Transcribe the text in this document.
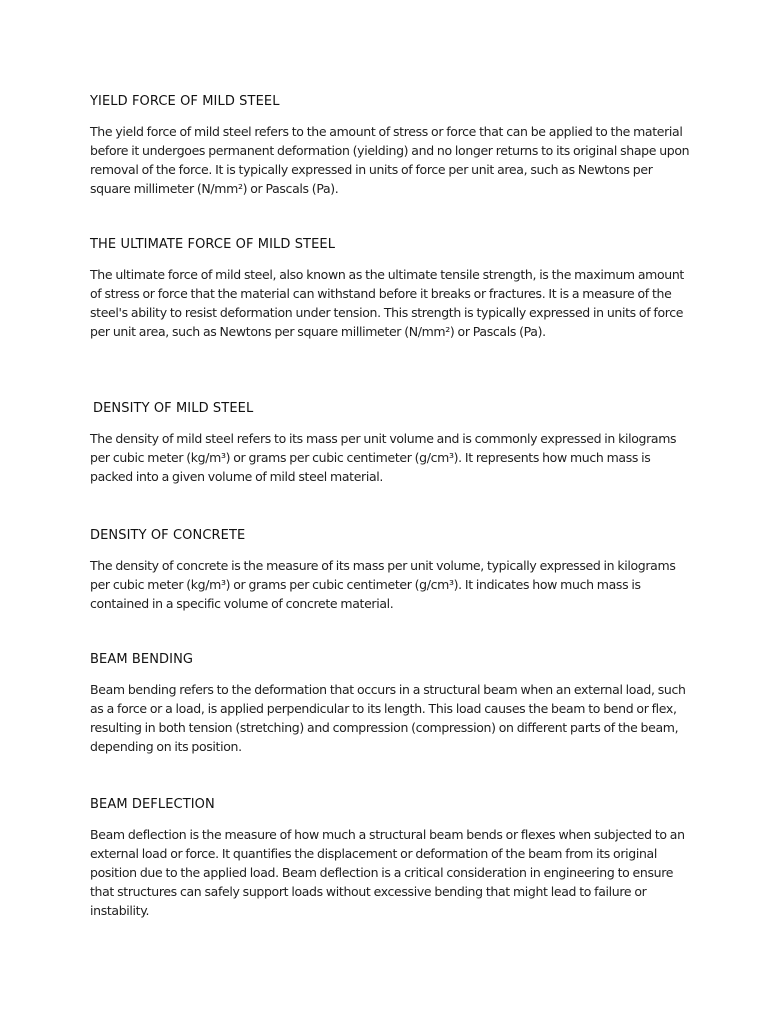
YIELD FORCE OF MILD STEEL

The yield force of mild steel refers to the amount of stress or force that can be applied to the material before it undergoes permanent deformation (yielding) and no longer returns to its original shape upon removal of the force. It is typically expressed in units of force per unit area, such as Newtons per square millimeter (N/mm²) or Pascals (Pa).

THE ULTIMATE FORCE OF MILD STEEL

The ultimate force of mild steel, also known as the ultimate tensile strength, is the maximum amount of stress or force that the material can withstand before it breaks or fractures. It is a measure of the steel's ability to resist deformation under tension. This strength is typically expressed in units of force per unit area, such as Newtons per square millimeter (N/mm²) or Pascals (Pa).

DENSITY OF MILD STEEL

The density of mild steel refers to its mass per unit volume and is commonly expressed in kilograms per cubic meter (kg/m³) or grams per cubic centimeter (g/cm³). It represents how much mass is packed into a given volume of mild steel material.

DENSITY OF CONCRETE

The density of concrete is the measure of its mass per unit volume, typically expressed in kilograms per cubic meter (kg/m³) or grams per cubic centimeter (g/cm³). It indicates how much mass is contained in a specific volume of concrete material.

BEAM BENDING

Beam bending refers to the deformation that occurs in a structural beam when an external load, such as a force or a load, is applied perpendicular to its length. This load causes the beam to bend or flex, resulting in both tension (stretching) and compression (compression) on different parts of the beam, depending on its position.

BEAM DEFLECTION

Beam deflection is the measure of how much a structural beam bends or flexes when subjected to an external load or force. It quantifies the displacement or deformation of the beam from its original position due to the applied load. Beam deflection is a critical consideration in engineering to ensure that structures can safely support loads without excessive bending that might lead to failure or instability.
